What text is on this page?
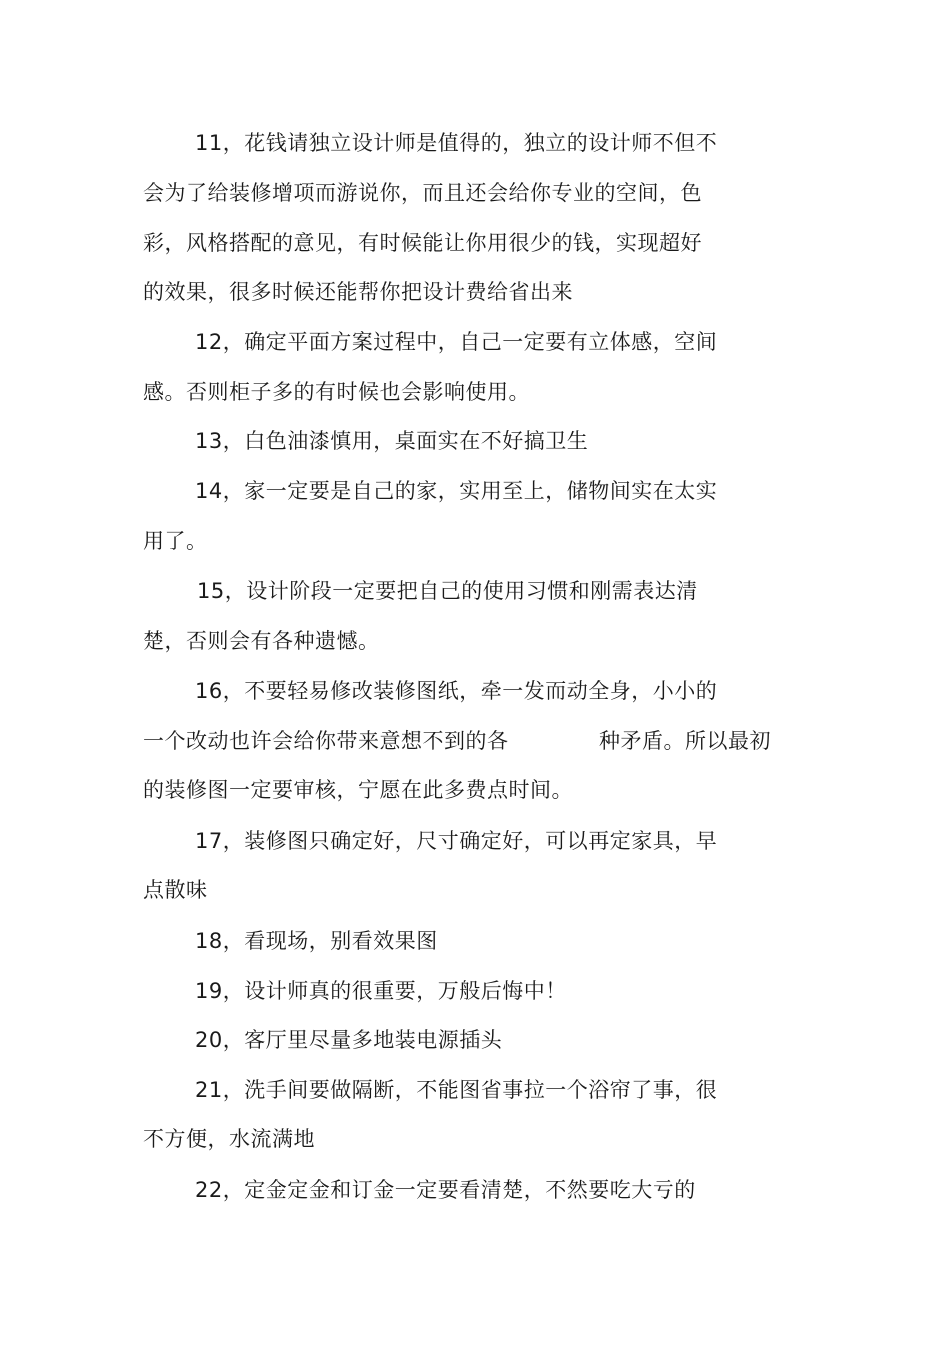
11，花钱请独立设计师是值得的，独立的设计师不但不
会为了给装修增项而游说你，而且还会给你专业的空间，色
彩，风格搭配的意见，有时候能让你用很少的钱，实现超好
的效果，很多时候还能帮你把设计费给省出来
12，确定平面方案过程中，自己一定要有立体感，空间
感。否则柜子多的有时候也会影响使用。
13，白色油漆慎用，桌面实在不好搞卫生
14，家一定要是自己的家，实用至上，储物间实在太实
用了。
15，设计阶段一定要把自己的使用习惯和刚需表达清
楚，否则会有各种遗憾。
16，不要轻易修改装修图纸，牵一发而动全身，小小的
一个改动也许会给你带来意想不到的各	种矛盾。所以最初
的装修图一定要审核，宁愿在此多费点时间。
17，装修图只确定好，尺寸确定好，可以再定家具，早
点散味
18，看现场，别看效果图
19，设计师真的很重要，万般后悔中！
20，客厅里尽量多地装电源插头
21，洗手间要做隔断，不能图省事拉一个浴帘了事，很
不方便，水流满地
22，定金定金和订金一定要看清楚，不然要吃大亏的
